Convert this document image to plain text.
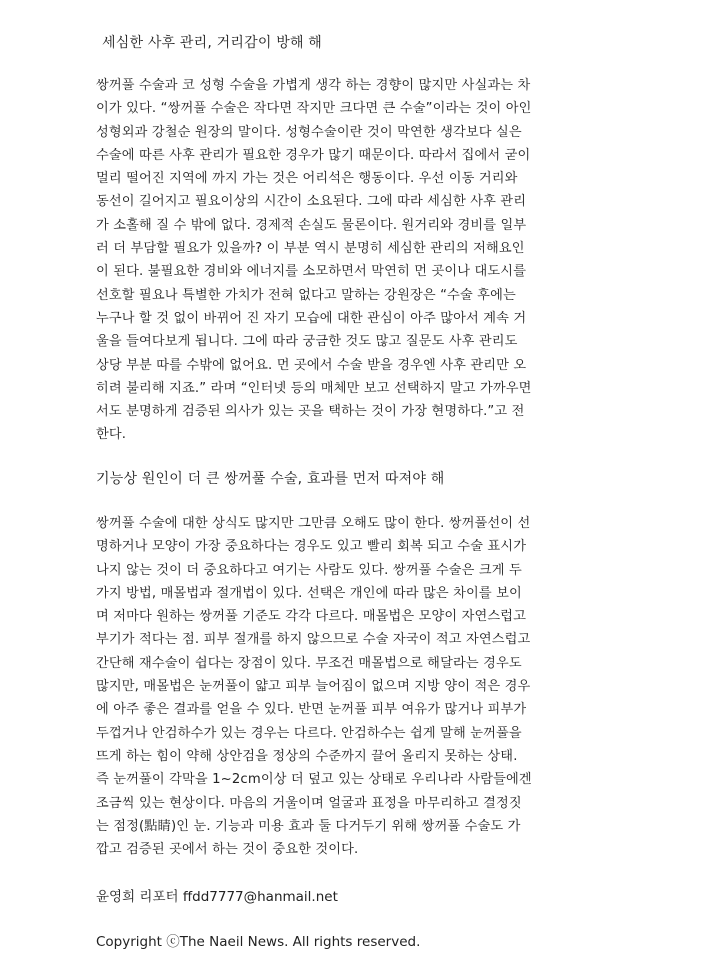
세심한 사후 관리, 거리감이 방해 해
쌍꺼풀 수술과 코 성형 수술을 가볍게 생각 하는 경향이 많지만 사실과는 차
이가 있다. “쌍꺼풀 수술은 작다면 작지만 크다면 큰 수술”이라는 것이 아인
성형외과 강철순 원장의 말이다. 성형수술이란 것이 막연한 생각보다 실은
수술에 따른 사후 관리가 필요한 경우가 많기 때문이다. 따라서 집에서 굳이
멀리 떨어진 지역에 까지 가는 것은 어리석은 행동이다. 우선 이동 거리와
동선이 길어지고 필요이상의 시간이 소요된다. 그에 따라 세심한 사후 관리
가 소홀해 질 수 밖에 없다. 경제적 손실도 물론이다. 원거리와 경비를 일부
러 더 부담할 필요가 있을까? 이 부분 역시 분명히 세심한 관리의 저해요인
이 된다. 불필요한 경비와 에너지를 소모하면서 막연히 먼 곳이나 대도시를
선호할 필요나 특별한 가치가 전혀 없다고 말하는 강원장은 “수술 후에는
누구나 할 것 없이 바뀌어 진 자기 모습에 대한 관심이 아주 많아서 계속 거
울을 들여다보게 됩니다. 그에 따라 궁금한 것도 많고 질문도 사후 관리도
상당 부분 따를 수밖에 없어요. 먼 곳에서 수술 받을 경우엔 사후 관리만 오
히려 불리해 지죠.” 라며 “인터넷 등의 매체만 보고 선택하지 말고 가까우면
서도 분명하게 검증된 의사가 있는 곳을 택하는 것이 가장 현명하다.”고 전
한다.
기능상 원인이 더 큰 쌍꺼풀 수술, 효과를 먼저 따져야 해
쌍꺼풀 수술에 대한 상식도 많지만 그만큼 오해도 많이 한다. 쌍꺼풀선이 선
명하거나 모양이 가장 중요하다는 경우도 있고 빨리 회복 되고 수술 표시가
나지 않는 것이 더 중요하다고 여기는 사람도 있다. 쌍꺼풀 수술은 크게 두
가지 방법, 매몰법과 절개법이 있다. 선택은 개인에 따라 많은 차이를 보이
며 저마다 원하는 쌍꺼풀 기준도 각각 다르다. 매몰법은 모양이 자연스럽고
부기가 적다는 점. 피부 절개를 하지 않으므로 수술 자국이 적고 자연스럽고
간단해 재수술이 쉽다는 장점이 있다. 무조건 매몰법으로 해달라는 경우도
많지만, 매몰법은 눈꺼풀이 얇고 피부 늘어짐이 없으며 지방 양이 적은 경우
에 아주 좋은 결과를 얻을 수 있다. 반면 눈꺼풀 피부 여유가 많거나 피부가
두껍거나 안검하수가 있는 경우는 다르다. 안검하수는 쉽게 말해 눈꺼풀을
뜨게 하는 힘이 약해 상안검을 정상의 수준까지 끌어 올리지 못하는 상태.
즉 눈꺼풀이 각막을 1~2cm이상 더 덮고 있는 상태로 우리나라 사람들에겐
조금씩 있는 현상이다. 마음의 거울이며 얼굴과 표정을 마무리하고 결정짓
는 점정(點睛)인 눈. 기능과 미용 효과 둘 다거두기 위해 쌍꺼풀 수술도 가
깝고 검증된 곳에서 하는 것이 중요한 것이다.
윤영희 리포터 ffdd7777@hanmail.net
Copyright ⓒThe Naeil News. All rights reserved.
